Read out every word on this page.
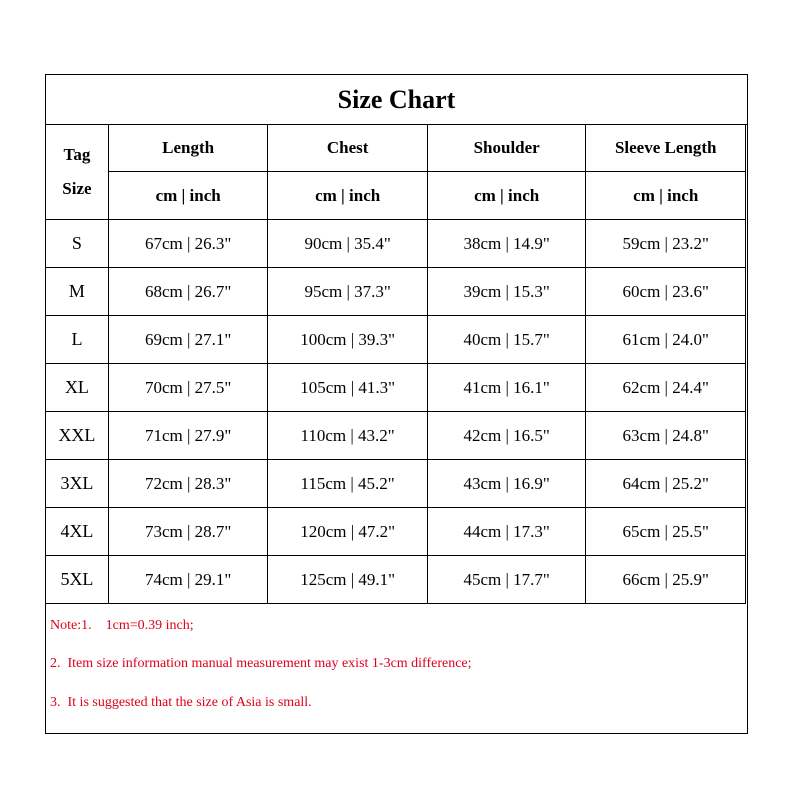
Size Chart
Tag
Size	Length	Chest	Shoulder	Sleeve Length
	cm | inch	cm | inch	cm | inch	cm | inch
S	67cm | 26.3"	90cm | 35.4"	38cm | 14.9"	59cm | 23.2"
M	68cm | 26.7"	95cm | 37.3"	39cm | 15.3"	60cm | 23.6"
L	69cm | 27.1"	100cm | 39.3"	40cm | 15.7"	61cm | 24.0"
XL	70cm | 27.5"	105cm | 41.3"	41cm | 16.1"	62cm | 24.4"
XXL	71cm | 27.9"	110cm | 43.2"	42cm | 16.5"	63cm | 24.8"
3XL	72cm | 28.3"	115cm | 45.2"	43cm | 16.9"	64cm | 25.2"
4XL	73cm | 28.7"	120cm | 47.2"	44cm | 17.3"	65cm | 25.5"
5XL	74cm | 29.1"	125cm | 49.1"	45cm | 17.7"	66cm | 25.9"
Note:1.    1cm=0.39 inch;
2.  Item size information manual measurement may exist 1-3cm difference;
3.  It is suggested that the size of Asia is small.
